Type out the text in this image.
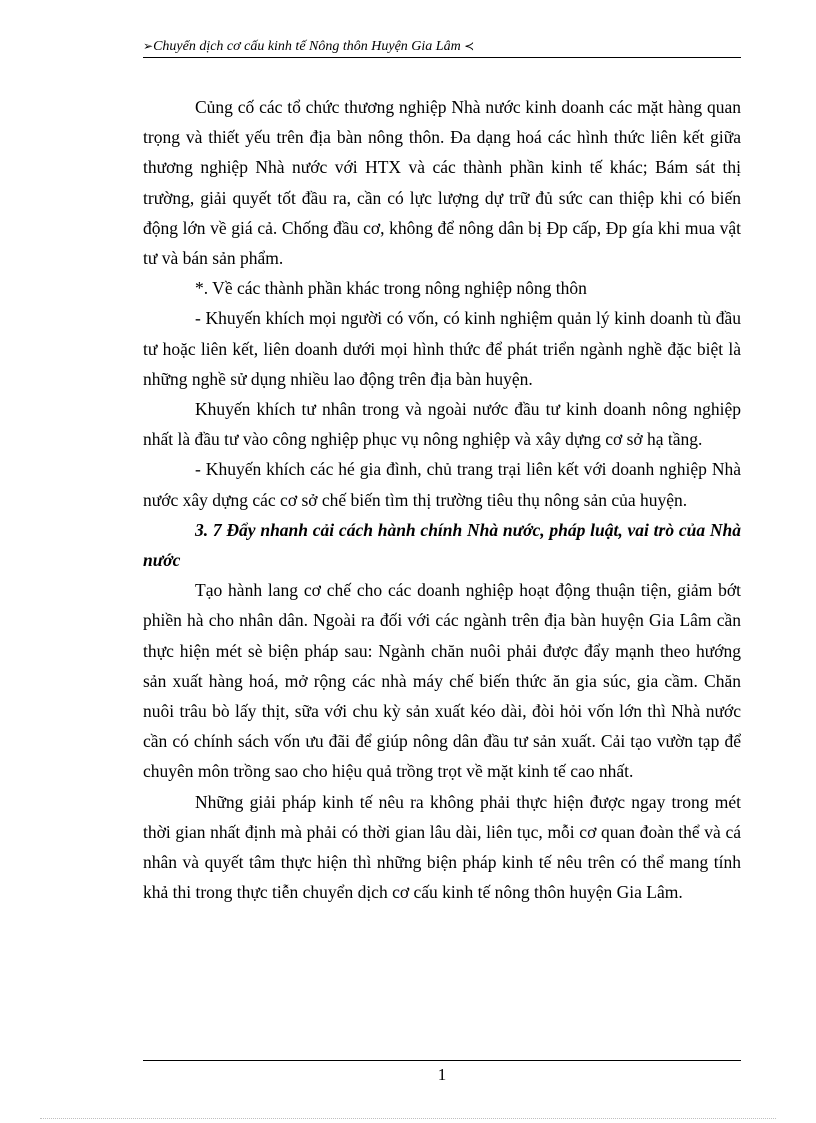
➢Chuyển dịch cơ cấu kinh tế Nông thôn Huyện Gia Lâm ≺

Củng cố các tổ chức thương nghiệp Nhà nước kinh doanh các mặt hàng quan trọng và thiết yếu trên địa bàn nông thôn. Đa dạng hoá các hình thức liên kết giữa thương nghiệp Nhà nước với HTX và các thành phần kinh tế khác; Bám sát thị trường, giải quyết tốt đầu ra, cần có lực lượng dự trữ đủ sức can thiệp khi có biến động lớn về giá cả. Chống đầu cơ, không để nông dân bị Đp cấp, Đp gía khi mua vật tư và bán sản phẩm.

*. Về các thành phần khác trong nông nghiệp nông thôn

- Khuyến khích mọi người có vốn, có kinh nghiệm quản lý kinh doanh tù đầu tư hoặc liên kết, liên doanh dưới mọi hình thức để phát triển ngành nghề đặc biệt là những nghề sử dụng nhiều lao động trên địa bàn huyện.

Khuyến khích tư nhân trong và ngoài nước đầu tư kinh doanh nông nghiệp nhất là đầu tư vào công nghiệp phục vụ nông nghiệp và xây dựng cơ sở hạ tầng.

- Khuyến khích các hé gia đình, chủ trang trại liên kết với doanh nghiệp Nhà nước xây dựng các cơ sở chế biến tìm thị trường tiêu thụ nông sản của huyện.

3. 7 Đẩy nhanh cải cách hành chính Nhà nước, pháp luật, vai trò của Nhà nước

Tạo hành lang cơ chế cho các doanh nghiệp hoạt động thuận tiện, giảm bớt phiền hà cho nhân dân. Ngoài ra đối với các ngành trên địa bàn huyện Gia Lâm cần thực hiện mét sè biện pháp sau: Ngành chăn nuôi phải được đẩy mạnh theo hướng sản xuất hàng hoá, mở rộng các nhà máy chế biến thức ăn gia súc, gia cầm. Chăn nuôi trâu bò lấy thịt, sữa với chu kỳ sản xuất kéo dài, đòi hỏi vốn lớn thì Nhà nước cần có chính sách vốn ưu đãi để giúp nông dân đầu tư sản xuất. Cải tạo vườn tạp để chuyên môn trồng sao cho hiệu quả trồng trọt về mặt kinh tế cao nhất.

Những giải pháp kinh tế nêu ra không phải thực hiện được ngay trong mét thời gian nhất định mà phải có thời gian lâu dài, liên tục, mỗi cơ quan đoàn thể và cá nhân và quyết tâm thực hiện thì những biện pháp kinh tế nêu trên có thể mang tính khả thi trong thực tiễn chuyển dịch cơ cấu kinh tế nông thôn huyện Gia Lâm.

1
